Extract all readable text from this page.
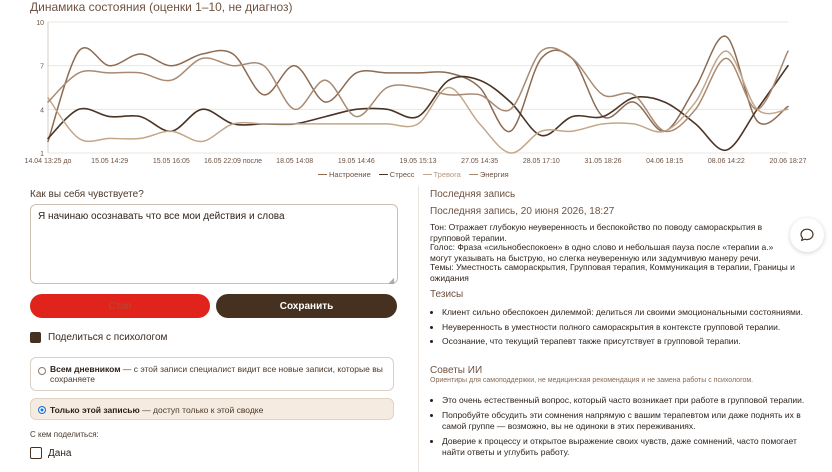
Динамика состояния (оценки 1–10, не диагноз)
1
4
7
10
14.04 13:25 до	15.05 14:29	15.05 16:05 16.05 22:09 после 18.05 14:08	19.05 14:46	19.05 15:13	27.05 14:35	28.05 17:10	31.05 18:26	04.06 18:15	08.06 14:22	20.06 18:27
Настроение	Стресс	Тревога	Энергия
Как вы себя чувствуете?
Я начинаю осознавать что все мои действия и слова
◢
Стоп	Сохранить
Поделиться с психологом
Всем дневником — с этой записи специалист видит все новые записи, которые вы сохраняете
Только этой записью — доступ только к этой сводке
С кем поделиться:
Дана
Последняя запись
Последняя запись, 20 июня 2026, 18:27
Тон: Отражает глубокую неуверенность и беспокойство по поводу самораскрытия в групповой терапии.
Голос: Фраза «сильнобеспокоен» в одно слово и небольшая пауза после «терапии а.» могут указывать на быструю, но слегка неуверенную или задумчивую манеру речи.
Темы: Уместность самораскрытия, Групповая терапия, Коммуникация в терапии, Границы и ожидания
Тезисы
• Клиент сильно обеспокоен дилеммой: делиться ли своими эмоциональными состояниями.
• Неуверенность в уместности полного самораскрытия в контексте групповой терапии.
• Осознание, что текущий терапевт также присутствует в групповой терапии.
Советы ИИ
Ориентиры для самоподдержки, не медицинская рекомендация и не замена работы с психологом.
• Это очень естественный вопрос, который часто возникает при работе в групповой терапии.
• Попробуйте обсудить эти сомнения напрямую с вашим терапевтом или даже поднять их в самой группе — возможно, вы не одиноки в этих переживаниях.
• Доверие к процессу и открытое выражение своих чувств, даже сомнений, часто помогает найти ответы и углубить работу.
